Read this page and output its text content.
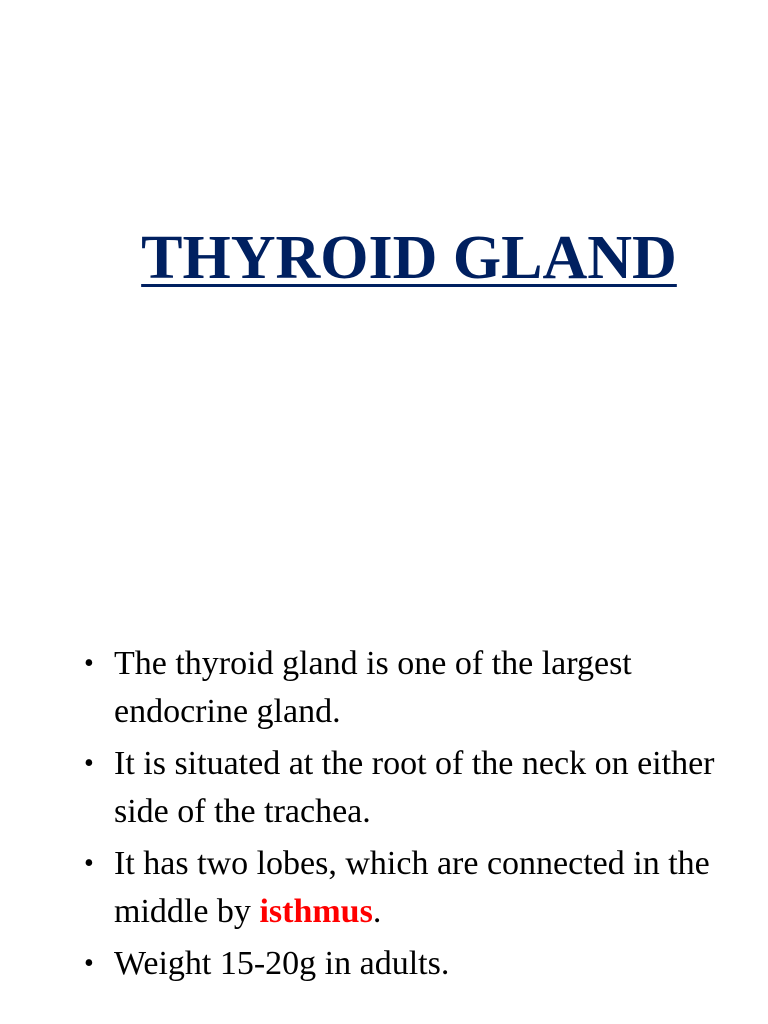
THYROID GLAND
• The thyroid gland is one of the largest endocrine gland.
• It is situated at the root of the neck on either side of the trachea.
• It has two lobes, which are connected in the middle by isthmus.
• Weight 15-20g in adults.
